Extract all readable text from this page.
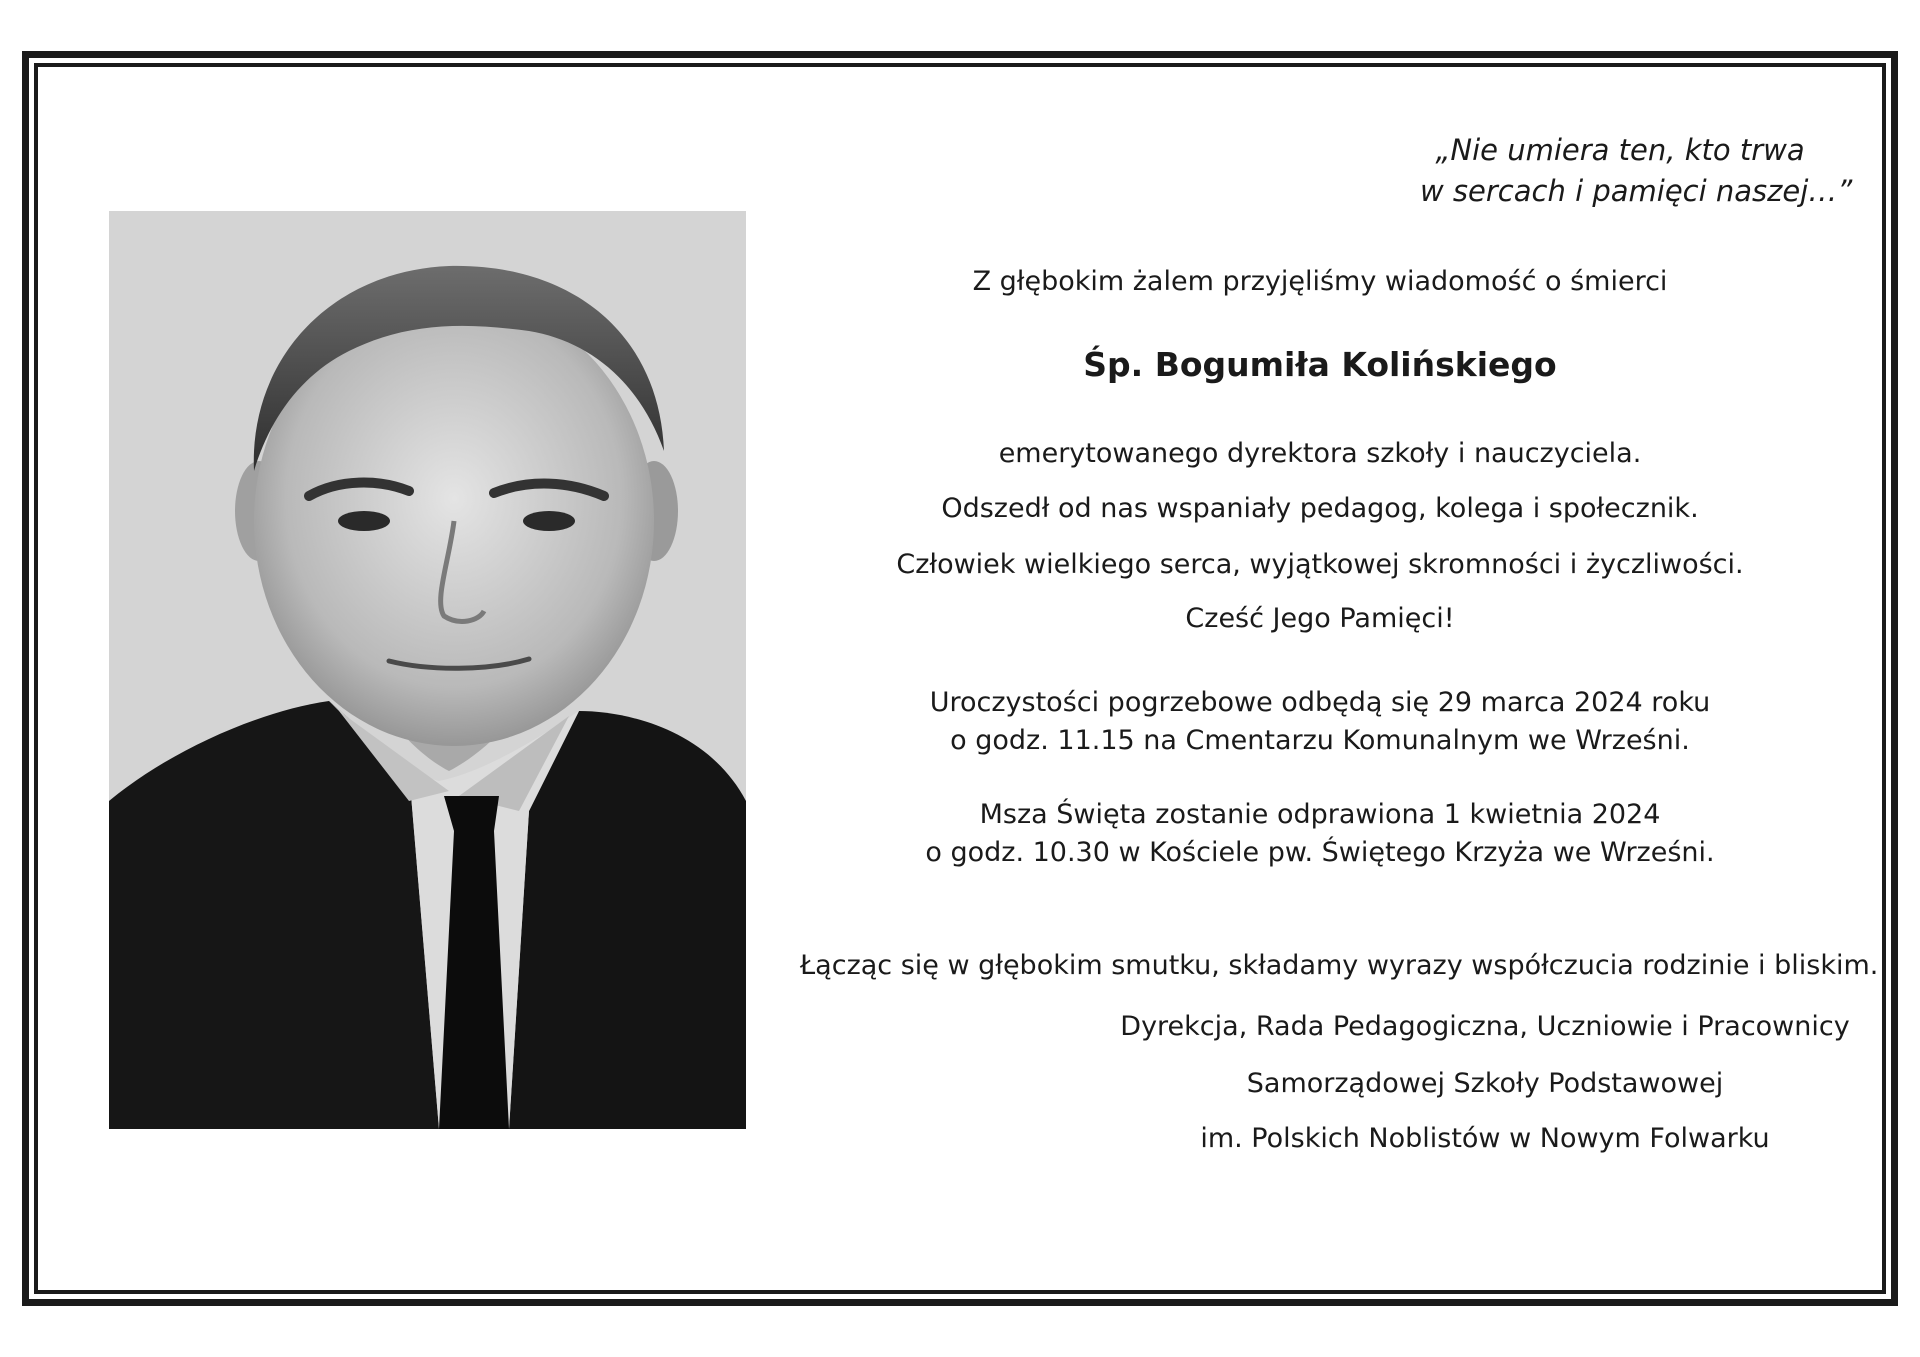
„Nie umiera ten, kto trwa
w sercach i pamięci naszej…”
Z głębokim żalem przyjęliśmy wiadomość o śmierci
Śp. Bogumiła Kolińskiego
emerytowanego dyrektora szkoły i nauczyciela.
Odszedł od nas wspaniały pedagog, kolega i społecznik.
Człowiek wielkiego serca, wyjątkowej skromności i życzliwości.
Cześć Jego Pamięci!
Uroczystości pogrzebowe odbędą się 29 marca 2024 roku
o godz. 11.15 na Cmentarzu Komunalnym we Wrześni.
Msza Święta zostanie odprawiona 1 kwietnia 2024
o godz. 10.30 w Kościele pw. Świętego Krzyża we Wrześni.
Łącząc się w głębokim smutku, składamy wyrazy współczucia rodzinie i bliskim.
Dyrekcja, Rada Pedagogiczna, Uczniowie i Pracownicy
Samorządowej Szkoły Podstawowej
im. Polskich Noblistów w Nowym Folwarku
